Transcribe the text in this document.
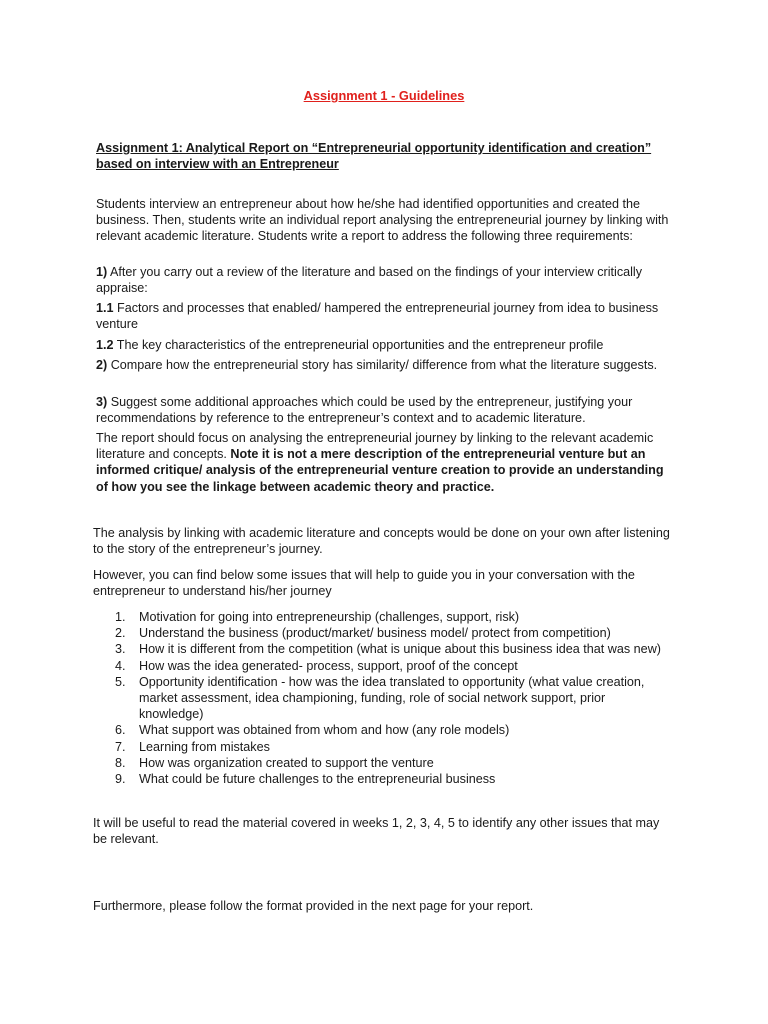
Assignment 1 - Guidelines
Assignment 1: Analytical Report on “Entrepreneurial opportunity identification and creation” based on interview with an Entrepreneur
Students interview an entrepreneur about how he/she had identified opportunities and created the business. Then, students write an individual report analysing the entrepreneurial journey by linking with relevant academic literature. Students write a report to address the following three requirements:
1) After you carry out a review of the literature and based on the findings of your interview critically appraise:
1.1 Factors and processes that enabled/ hampered the entrepreneurial journey from idea to business venture
1.2 The key characteristics of the entrepreneurial opportunities and the entrepreneur profile
2) Compare how the entrepreneurial story has similarity/ difference from what the literature suggests.
3) Suggest some additional approaches which could be used by the entrepreneur, justifying your recommendations by reference to the entrepreneur’s context and to academic literature.
The report should focus on analysing the entrepreneurial journey by linking to the relevant academic literature and concepts. Note it is not a mere description of the entrepreneurial venture but an informed critique/ analysis of the entrepreneurial venture creation to provide an understanding of how you see the linkage between academic theory and practice.
The analysis by linking with academic literature and concepts would be done on your own after listening to the story of the entrepreneur’s journey.
However, you can find below some issues that will help to guide you in your conversation with the entrepreneur to understand his/her journey
1. Motivation for going into entrepreneurship (challenges, support, risk)
2. Understand the business (product/market/ business model/ protect from competition)
3. How it is different from the competition (what is unique about this business idea that was new)
4. How was the idea generated- process, support, proof of the concept
5. Opportunity identification - how was the idea translated to opportunity (what value creation, market assessment, idea championing, funding, role of social network support, prior knowledge)
6. What support was obtained from whom and how (any role models)
7. Learning from mistakes
8. How was organization created to support the venture
9. What could be future challenges to the entrepreneurial business
It will be useful to read the material covered in weeks 1, 2, 3, 4, 5 to identify any other issues that may be relevant.
Furthermore, please follow the format provided in the next page for your report.
